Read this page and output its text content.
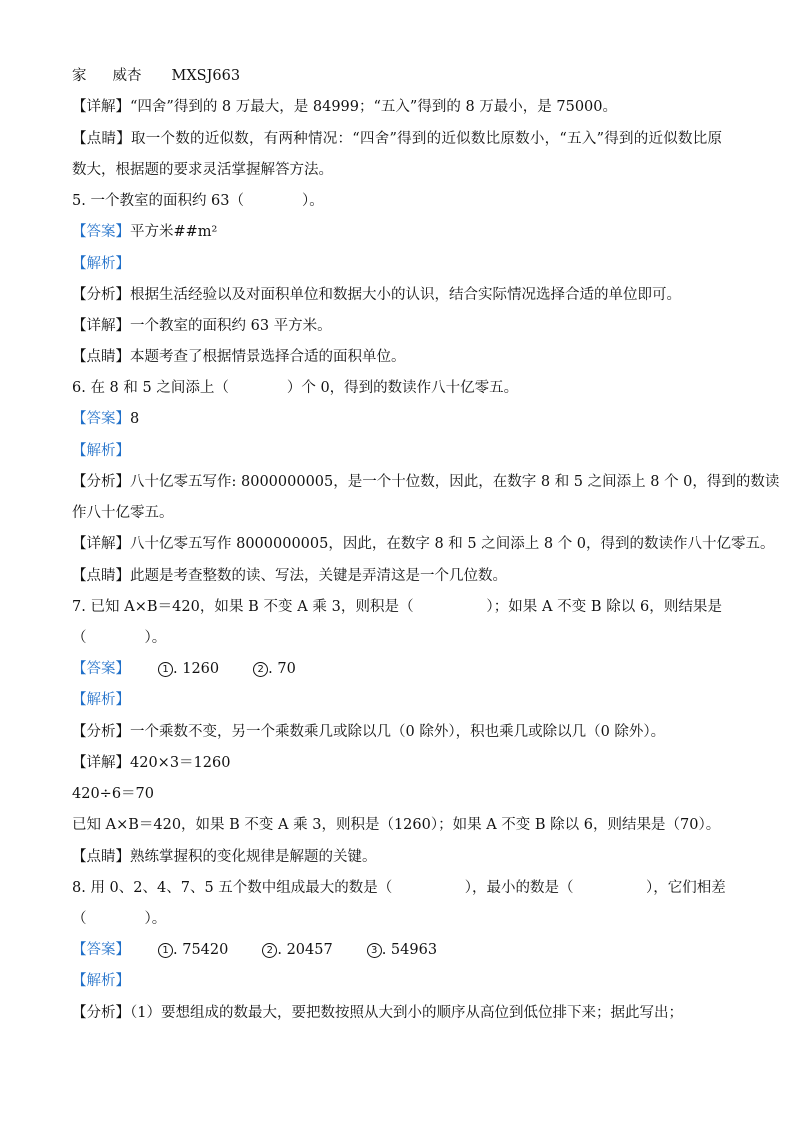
家 威杏 MXSJ663
【详解】“四舍”得到的 8 万最大，是 84999；“五入”得到的 8 万最小，是 75000。
【点睛】取一个数的近似数，有两种情况：“四舍”得到的近似数比原数小，“五入”得到的近似数比原
数大，根据题的要求灵活掌握解答方法。
5. 一个教室的面积约 63（　　　　）。
【答案】平方米##m²
【解析】
【分析】根据生活经验以及对面积单位和数据大小的认识，结合实际情况选择合适的单位即可。
【详解】一个教室的面积约 63 平方米。
【点睛】本题考查了根据情景选择合适的面积单位。
6. 在 8 和 5 之间添上（　　　　）个 0，得到的数读作八十亿零五。
【答案】8
【解析】
【分析】八十亿零五写作: 8000000005，是一个十位数，因此，在数字 8 和 5 之间添上 8 个 0，得到的数读
作八十亿零五。
【详解】八十亿零五写作 8000000005，因此，在数字 8 和 5 之间添上 8 个 0，得到的数读作八十亿零五。
【点睛】此题是考查整数的读、写法，关键是弄清这是一个几位数。
7. 已知 A×B＝420，如果 B 不变 A 乘 3，则积是（　　　　　）；如果 A 不变 B 除以 6，则结果是
（　　　　）。
【答案】	1 . 1260	2 . 70
【解析】
【分析】一个乘数不变，另一个乘数乘几或除以几（0 除外），积也乘几或除以几（0 除外）。
【详解】420×3＝1260
420÷6＝70
已知 A×B＝420，如果 B 不变 A 乘 3，则积是（1260）；如果 A 不变 B 除以 6，则结果是（70）。
【点睛】熟练掌握积的变化规律是解题的关键。
8. 用 0、2、4、7、5 五个数中组成最大的数是（　　　　　），最小的数是（　　　　　），它们相差
（　　　　）。
【答案】	1 . 75420	2 . 20457	3 . 54963
【解析】
【分析】（1）要想组成的数最大，要把数按照从大到小的顺序从高位到低位排下来；据此写出；
